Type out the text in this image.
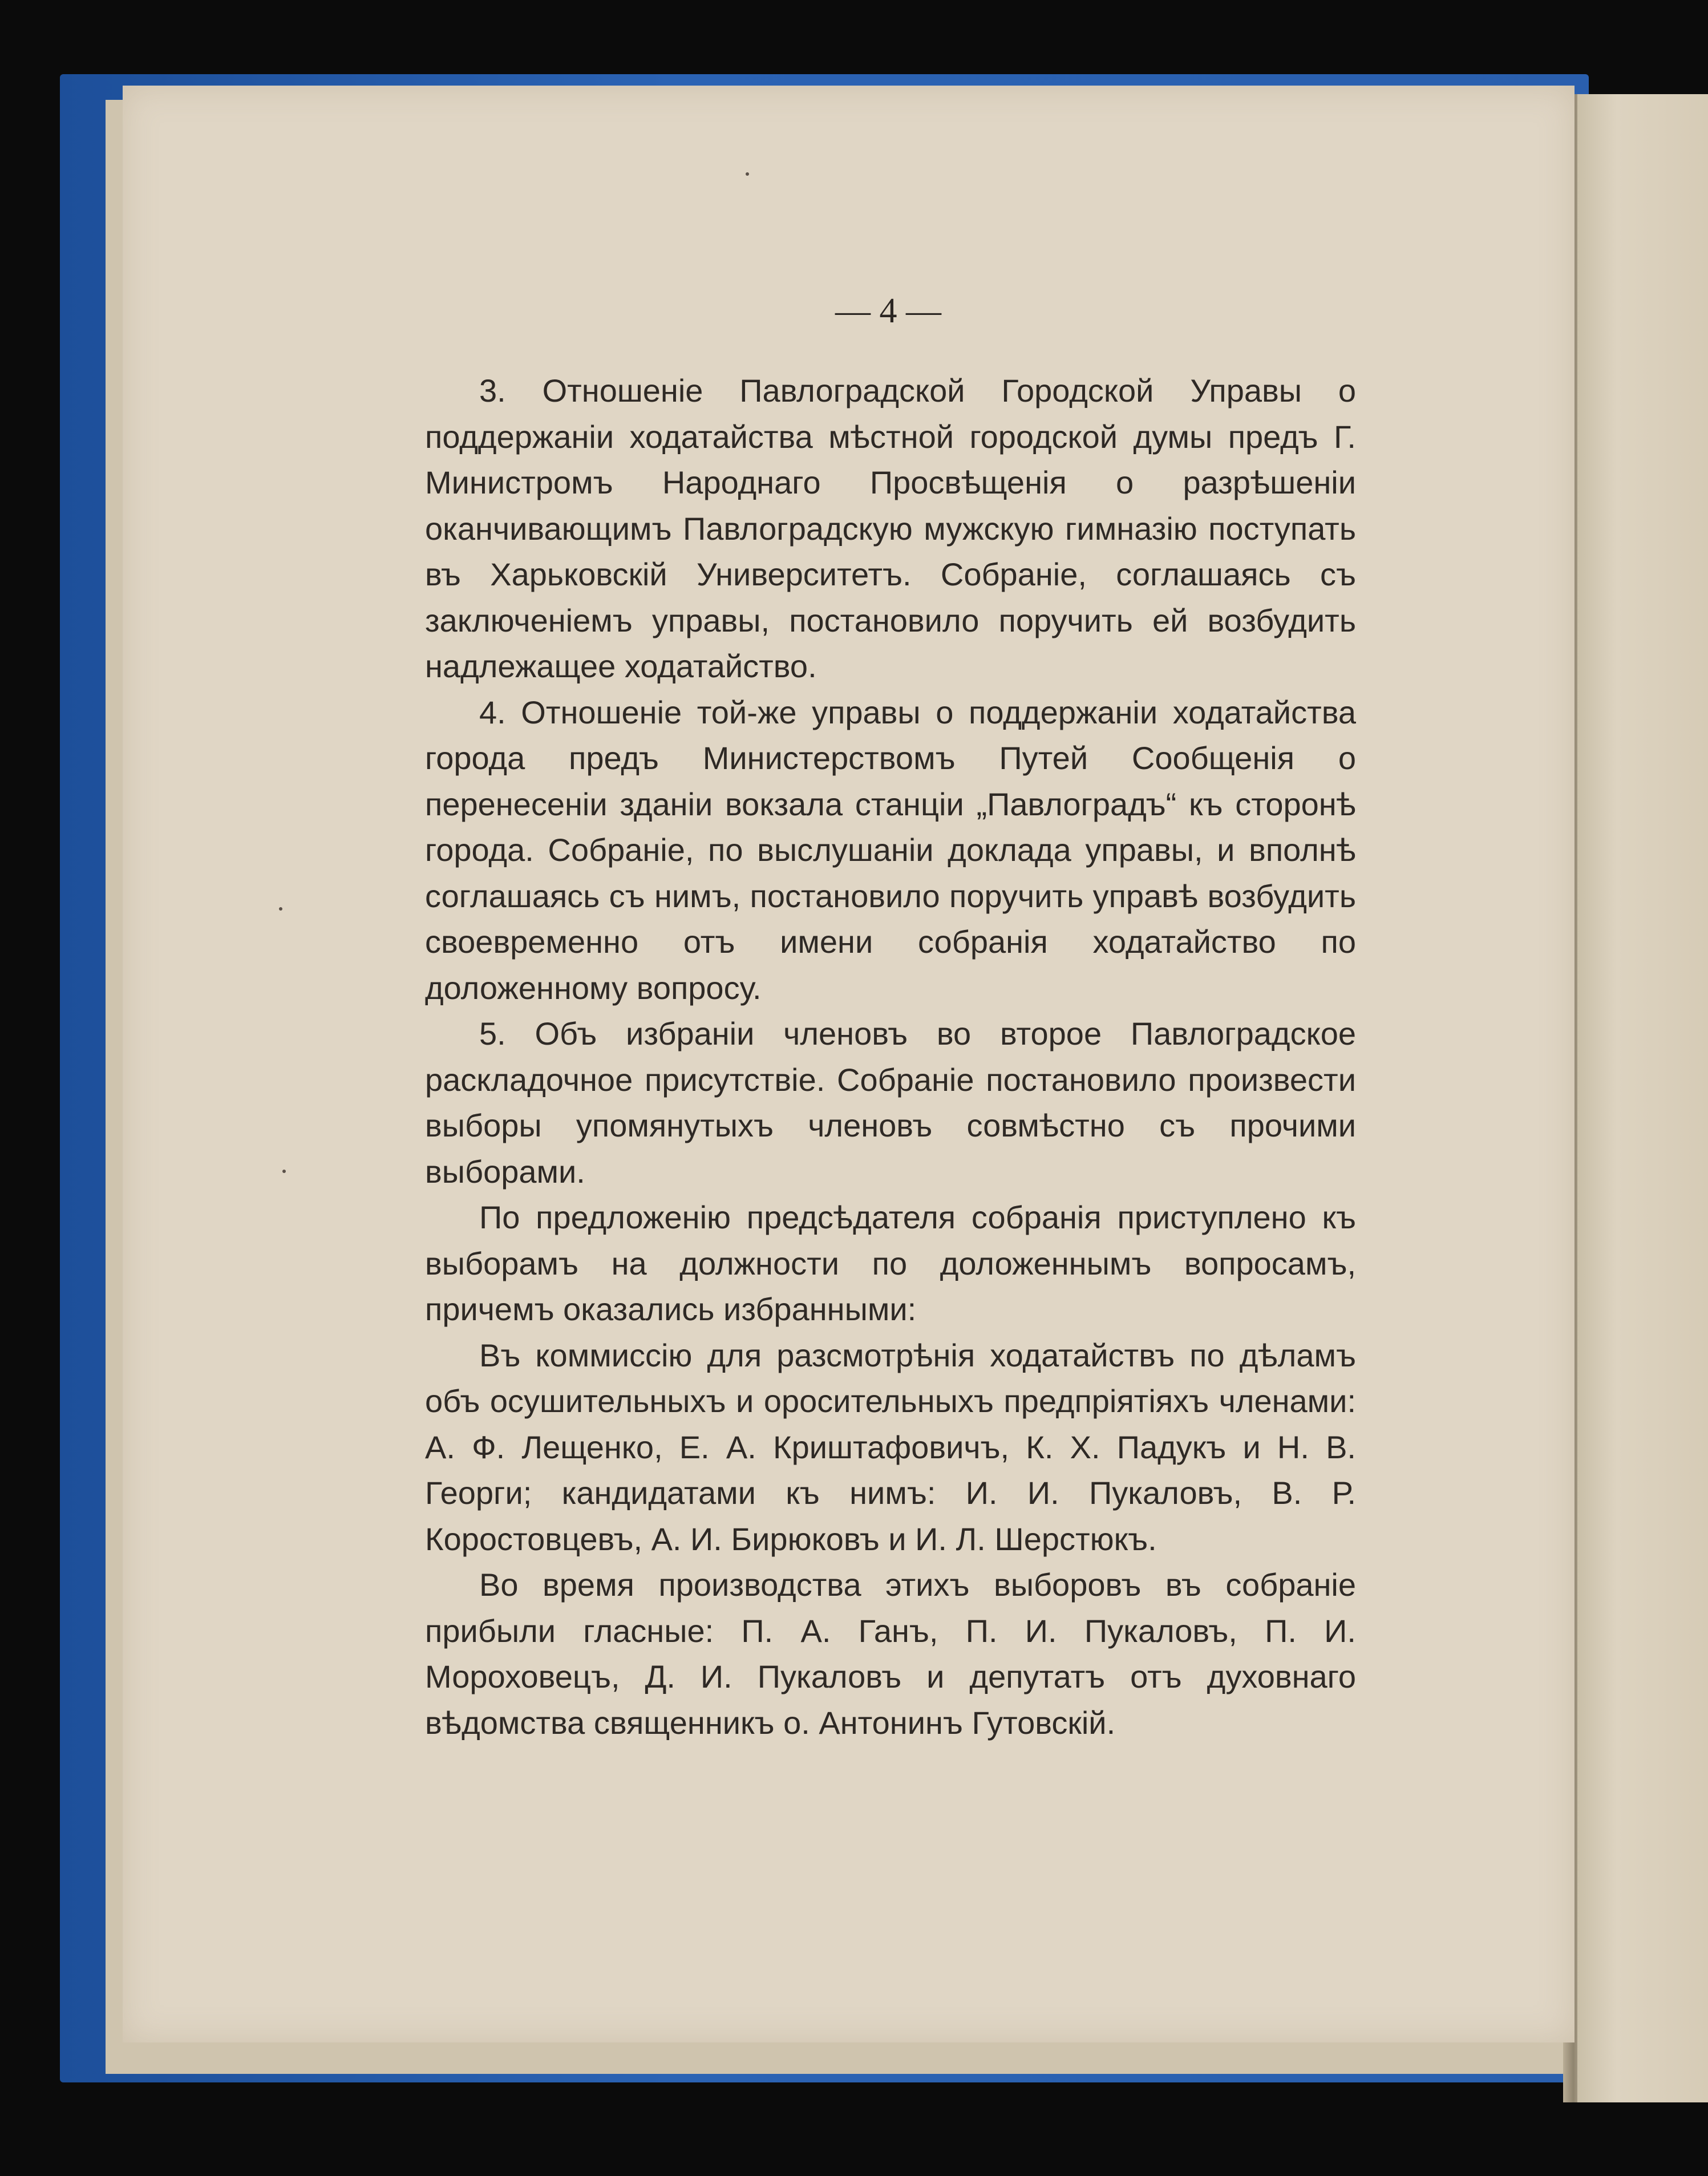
— 4 —

3. Отношеніе Павлоградской Городской Управы о поддержаніи ходатайства мѣстной городской думы предъ Г. Министромъ Народнаго Просвѣщенія о разрѣшеніи оканчивающимъ Павлоградскую мужскую гимназію поступать въ Харьковскій Университетъ. Собраніе, соглашаясь съ заключеніемъ управы, постановило поручить ей возбудить надлежащее ходатайство.

4. Отношеніе той-же управы о поддержаніи ходатайства города предъ Министерствомъ Путей Сообщенія о перенесеніи зданіи вокзала станціи „Павлоградъ“ къ сторонѣ города. Собраніе, по выслушаніи доклада управы, и вполнѣ соглашаясь съ нимъ, постановило поручить управѣ возбудить своевременно отъ имени собранія ходатайство по доложенному вопросу.

5. Объ избраніи членовъ во второе Павлоградское раскладочное присутствіе. Собраніе постановило произвести выборы упомянутыхъ членовъ совмѣстно съ прочими выборами.

По предложенію предсѣдателя собранія приступлено къ выборамъ на должности по доложеннымъ вопросамъ, причемъ оказались избранными:

Въ коммиссію для разсмотрѣнія ходатайствъ по дѣламъ объ осушительныхъ и оросительныхъ предпріятіяхъ членами: А. Ф. Лещенко, Е. А. Криштафовичъ, К. Х. Падукъ и Н. В. Георги; кандидатами къ нимъ: И. И. Пукаловъ, В. Р. Коростовцевъ, А. И. Бирюковъ и И. Л. Шерстюкъ.

Во время производства этихъ выборовъ въ собраніе прибыли гласные: П. А. Ганъ, П. И. Пукаловъ, П. И. Мороховецъ, Д. И. Пукаловъ и депутатъ отъ духовнаго вѣдомства священникъ о. Антонинъ Гутовскій.
